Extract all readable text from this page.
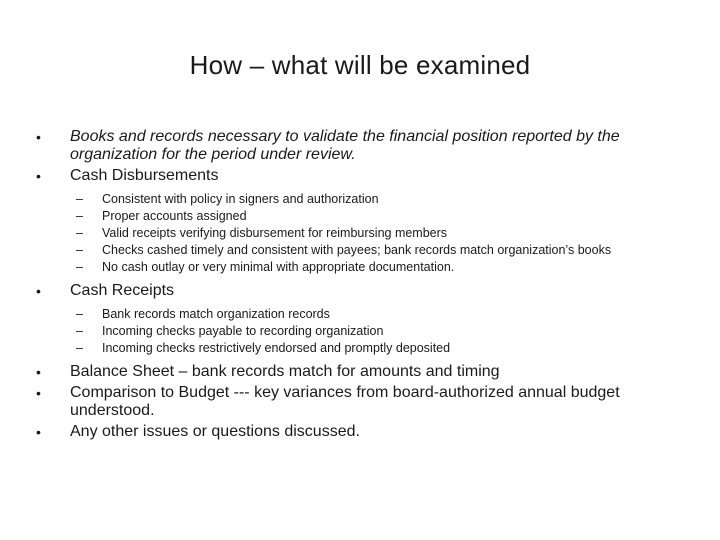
How – what will be examined
• Books and records necessary to validate the financial position reported by the organization for the period under review.
• Cash Disbursements
– Consistent with policy in signers and authorization
– Proper accounts assigned
– Valid receipts verifying disbursement for reimbursing members
– Checks cashed timely and consistent with payees; bank records match organization’s books
– No cash outlay or very minimal with appropriate documentation.
• Cash Receipts
– Bank records match organization records
– Incoming checks payable to recording organization
– Incoming checks restrictively endorsed and promptly deposited
• Balance Sheet – bank records match for amounts and timing
• Comparison to Budget --- key variances from board-authorized annual budget understood.
• Any other issues or questions discussed.
